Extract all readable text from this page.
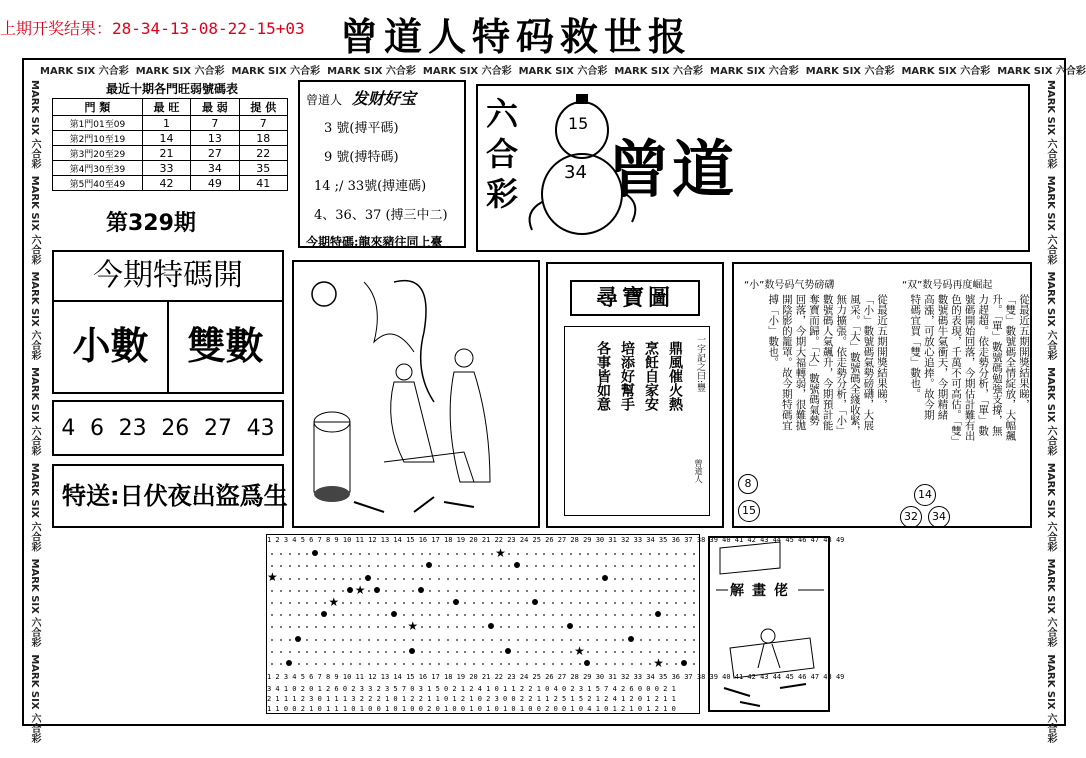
上期开奖结果：28-34-13-08-22-15+03 曾道人特码救世报
MARK SIX 六合彩 MARK SIX 六合彩 MARK SIX 六合彩 MARK SIX 六合彩 MARK SIX 六合彩 MARK SIX 六合彩 MARK SIX 六合彩 MARK SIX 六合彩 MARK SIX 六合彩 MARK SIX 六合彩 MARK SIX 六合彩
MARK SIX 六合彩  MARK SIX 六合彩  MARK SIX 六合彩  MARK SIX 六合彩  MARK SIX 六合彩  MARK SIX 六合彩  MARK SIX 六合彩
MARK SIX 六合彩  MARK SIX 六合彩  MARK SIX 六合彩  MARK SIX 六合彩  MARK SIX 六合彩  MARK SIX 六合彩  MARK SIX 六合彩
最近十期各門旺弱號碼表
門 類	最 旺	最 弱	提 供
第1門01至09	1	7	7
第2門10至19	14	13	18
第3門20至29	21	27	22
第4門30至39	33	34	35
第5門40至49	42	49	41
第329期
曾道人 发财好宝
3 號(搏平碼)
9 號(搏特碼)
14 ;/ 33號(搏連碼)
4、36、37 (搏三中二)
今期特碼:龍來豬往同上臺
六
合
彩
15
34 曾道
今期特碼開
小數	雙數
4 6 23 26 27 43
特送:日伏夜出盜爲生
尋寶圖
一字記之曰:豐
鼎風催火熱
烹飪自家安
培添好幫手
各事皆如意
曾道人
“小”数号码气势磅礴	“双”数号码再度崛起
從最近五期開獎結果睇，
「小」數號碼氣勢磅礴，大展
風采。「大」數號碼全綫收緊，
無力擴張。依走勢分析，「小」
數號碼人氣飆升，今期預計能
奪寶而歸。「大」數號碼氣勢
回落，今期大福轉弱，很難拋
開陰影的籠罩。故今期特碼宜
搏「小」數也。	從最近五期開獎結果睇，
「雙」數號碼全情綻放，大幅飆
升。「單」數號碼勉強支撐，無
力趕超。依走勢分析，「單」數
號碼開始回落，今期估計難有出
色的表現，千萬不可高估。「雙」
數號碼牛氣衝天，今期精緒
高漲，可放心追捧。故今期
特碼宜買「雙」數也。
8
15
14
32	34
1 2 3 4 5 6 7 8 9 10 11 12 13 14 15 16 17 18 19 20 21 22 23 24 25 26 27 28 29 30 31 32 33 34 35 36 37 38 39 40 41 42 43 44 45 46 47 48 49
★
★
★
★
★
★
★
1 2 3 4 5 6 7 8 9 10 11 12 13 14 15 16 17 18 19 20 21 22 23 24 25 26 27 28 29 30 31 32 33 34 35 36 37 38 39 40 41 42 43 44 45 46 47 48 49
3 4 1 0 2 0 1 2 6 0 2 3 3 2 3 5 7 0 3 1 5 0 2 1 2 4 1 0 1 1 2 2 1 0 4 0 2 3 1 5 7 4 2 6 0 0 0 2 1
2 1 1 1 2 3 0 1 1 1 3 2 2 2 1 0 1 2 2 1 1 0 1 2 1 0 2 3 0 0 2 2 1 1 2 5 1 5 2 1 2 4 1 2 0 1 2 1 1
1 1 0 0 2 1 0 1 1 1 0 1 0 0 1 0 1 0 0 2 0 1 0 0 1 0 1 0 1 0 1 0 0 2 0 0 1 0 4 1 0 1 2 1 0 1 2 1 0
解畫佬
